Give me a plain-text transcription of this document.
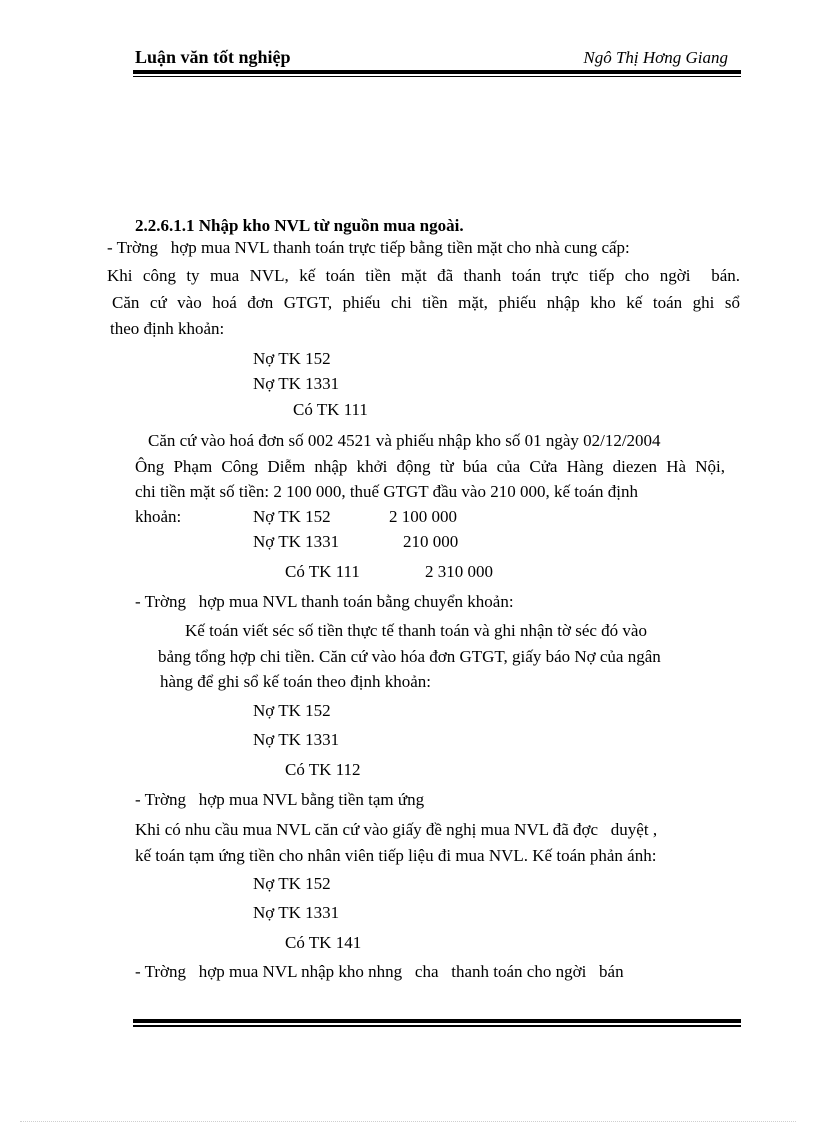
Luận văn tốt nghiệp	Ngô Thị Hơng Giang
2.2.6.1.1 Nhập kho NVL từ nguồn mua ngoài.
- Trờng   hợp mua NVL thanh toán trực tiếp bằng tiền mặt cho nhà cung cấp:
Khi công ty mua NVL, kế toán tiền mặt đã thanh toán trực tiếp cho ngời  bán.
Căn cứ vào hoá đơn GTGT, phiếu chi tiền mặt, phiếu nhập kho kế toán ghi sổ
theo định khoản:
Nợ TK 152
Nợ TK 1331
Có TK 111
Căn cứ vào hoá đơn số 002 4521 và phiếu nhập kho số 01 ngày 02/12/2004
Ông Phạm Công Diễm nhập khởi động từ búa của Cửa Hàng diezen Hà Nội,
chi tiền mặt số tiền: 2 100 000, thuế GTGT đầu vào 210 000, kế toán định
khoản:	Nợ TK 152	2 100 000
Nợ TK 1331	210 000
Có TK 111	2 310 000
- Trờng   hợp mua NVL thanh toán bằng chuyển khoản:
Kế toán viết séc số tiền thực tế thanh toán và ghi nhận tờ séc đó vào
bảng tổng hợp chi tiền. Căn cứ vào hóa đơn GTGT, giấy báo Nợ của ngân
hàng để ghi sổ kế toán theo định khoản:
Nợ TK 152
Nợ TK 1331
Có TK 112
- Trờng   hợp mua NVL bằng tiền tạm ứng
Khi có nhu cầu mua NVL căn cứ vào giấy đề nghị mua NVL đã đợc   duyệt ,
kế toán tạm ứng tiền cho nhân viên tiếp liệu đi mua NVL. Kế toán phản ánh:
Nợ TK 152
Nợ TK 1331
Có TK 141
- Trờng   hợp mua NVL nhập kho nhng   cha   thanh toán cho ngời   bán
